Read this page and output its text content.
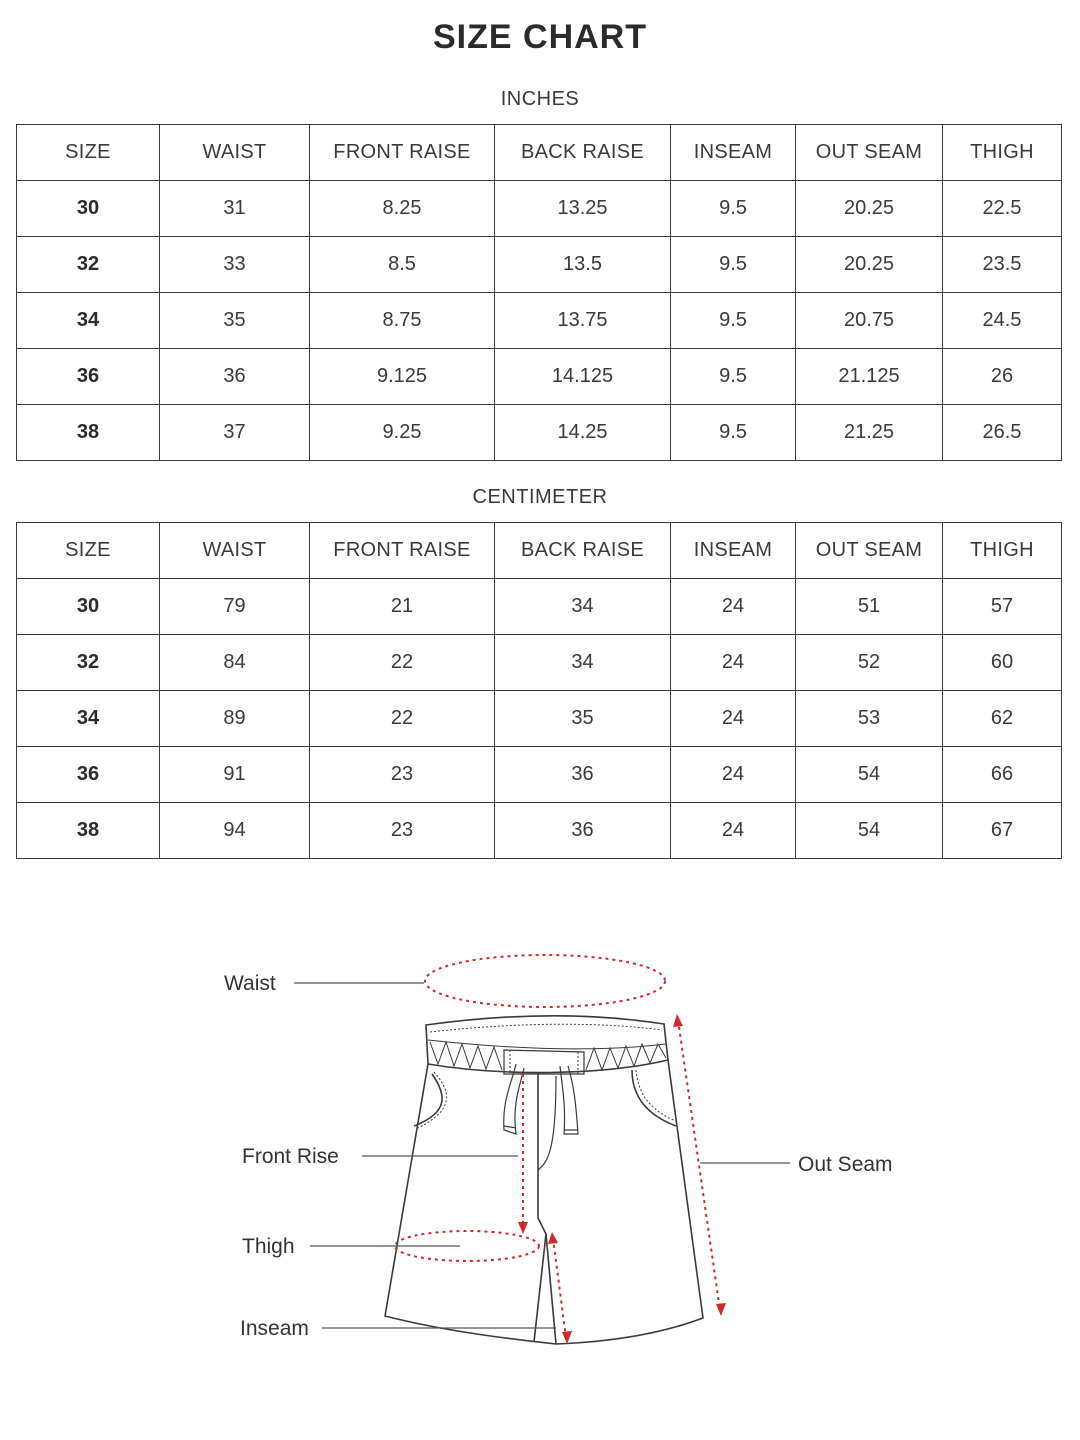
SIZE CHART
INCHES
SIZE	WAIST	FRONT RAISE	BACK RAISE	INSEAM	OUT SEAM	THIGH
30	31	8.25	13.25	9.5	20.25	22.5
32	33	8.5	13.5	9.5	20.25	23.5
34	35	8.75	13.75	9.5	20.75	24.5
36	36	9.125	14.125	9.5	21.125	26
38	37	9.25	14.25	9.5	21.25	26.5
CENTIMETER
SIZE	WAIST	FRONT RAISE	BACK RAISE	INSEAM	OUT SEAM	THIGH
30	79	21	34	24	51	57
32	84	22	34	24	52	60
34	89	22	35	24	53	62
36	91	23	36	24	54	66
38	94	23	36	24	54	67
Waist
Front Rise
Thigh
Inseam
Out Seam
